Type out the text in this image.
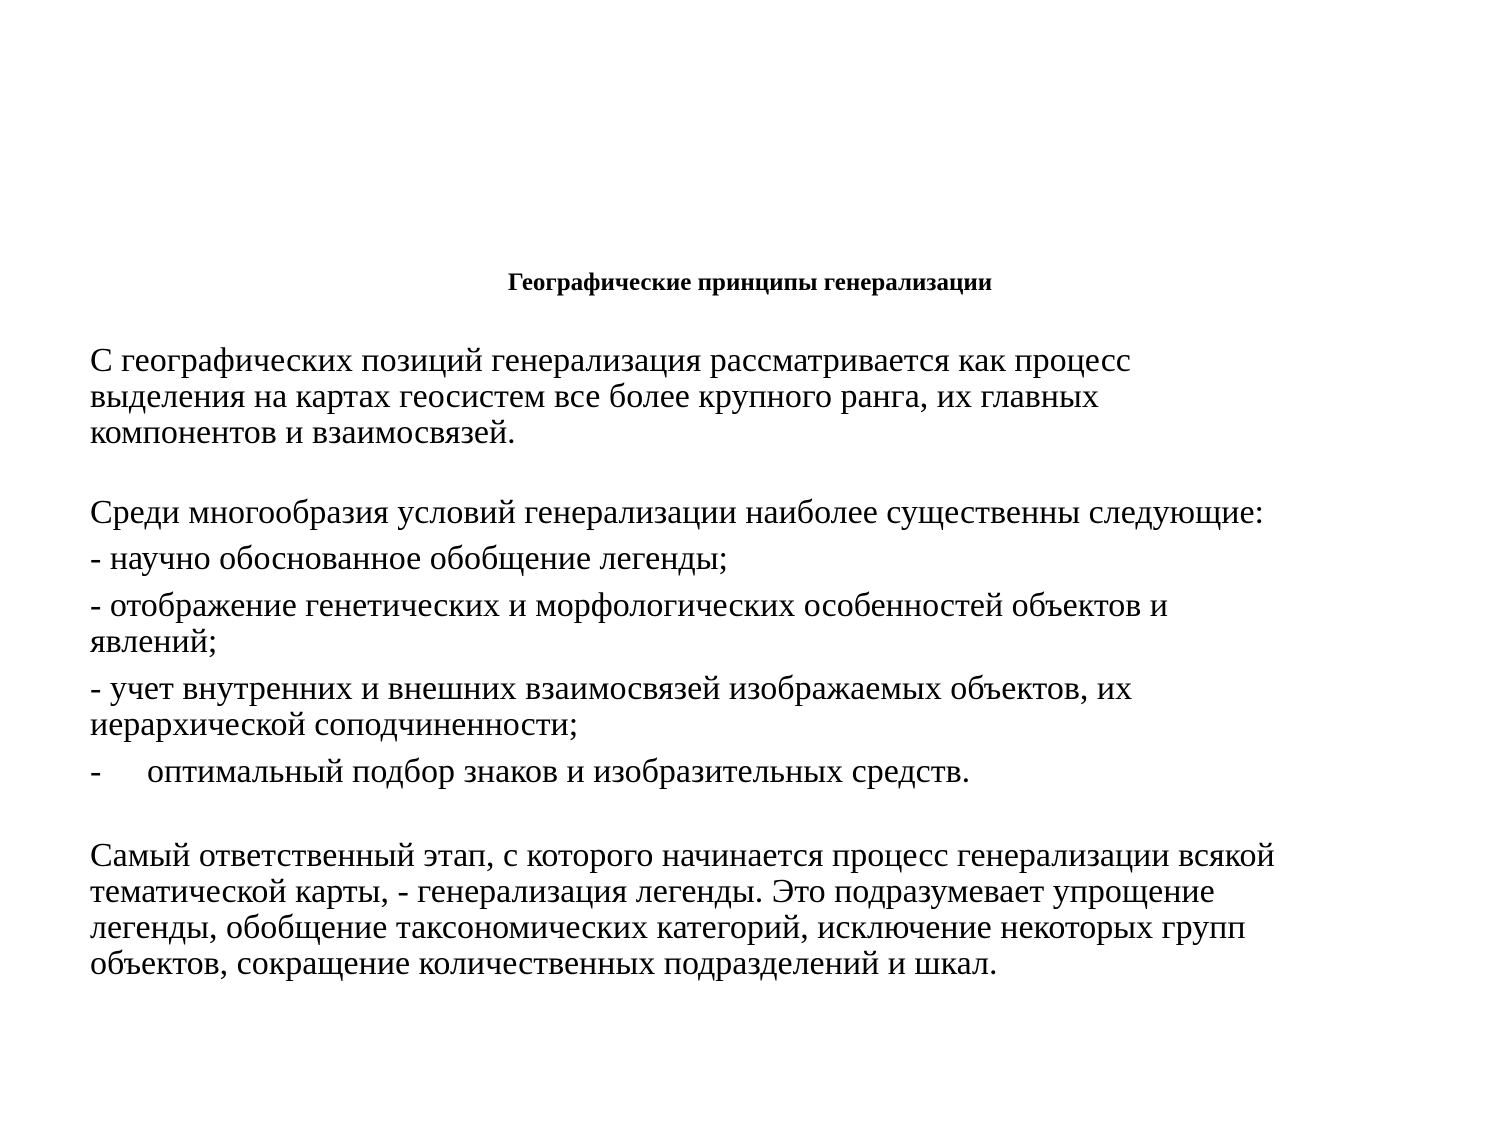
Географические принципы генерализации

С географических позиций генерализация рассматривается как процесс
выделения на картах геосистем все более крупного ранга, их главных
компонентов и взаимосвязей.

Среди многообразия условий генерализации наиболее существенны следующие:

- научно обоснованное обобщение легенды;

- отображение генетических и морфологических особенностей объектов и
явлений;

- учет внутренних и внешних взаимосвязей изображаемых объектов, их
иерархической соподчиненности;

- оптимальный подбор знаков и изобразительных средств.

Самый ответственный этап, с которого начинается процесс генерализации всякой
тематической карты, - генерализация легенды. Это подразумевает упрощение
легенды, обобщение таксономических категорий, исключение некоторых групп
объектов, сокращение количественных подразделений и шкал.
